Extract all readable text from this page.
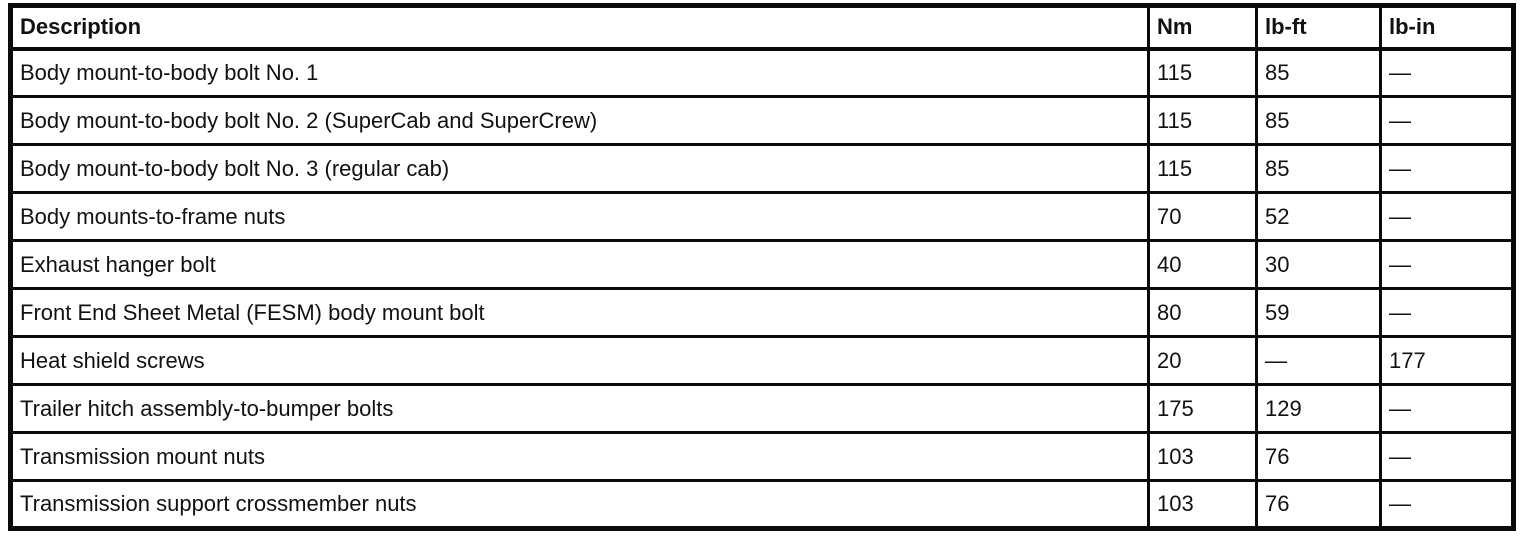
Description	Nm	lb-ft	lb-in
Body mount-to-body bolt No. 1	115	85	—
Body mount-to-body bolt No. 2 (SuperCab and SuperCrew)	115	85	—
Body mount-to-body bolt No. 3 (regular cab)	115	85	—
Body mounts-to-frame nuts	70	52	—
Exhaust hanger bolt	40	30	—
Front End Sheet Metal (FESM) body mount bolt	80	59	—
Heat shield screws	20	—	177
Trailer hitch assembly-to-bumper bolts	175	129	—
Transmission mount nuts	103	76	—
Transmission support crossmember nuts	103	76	—
